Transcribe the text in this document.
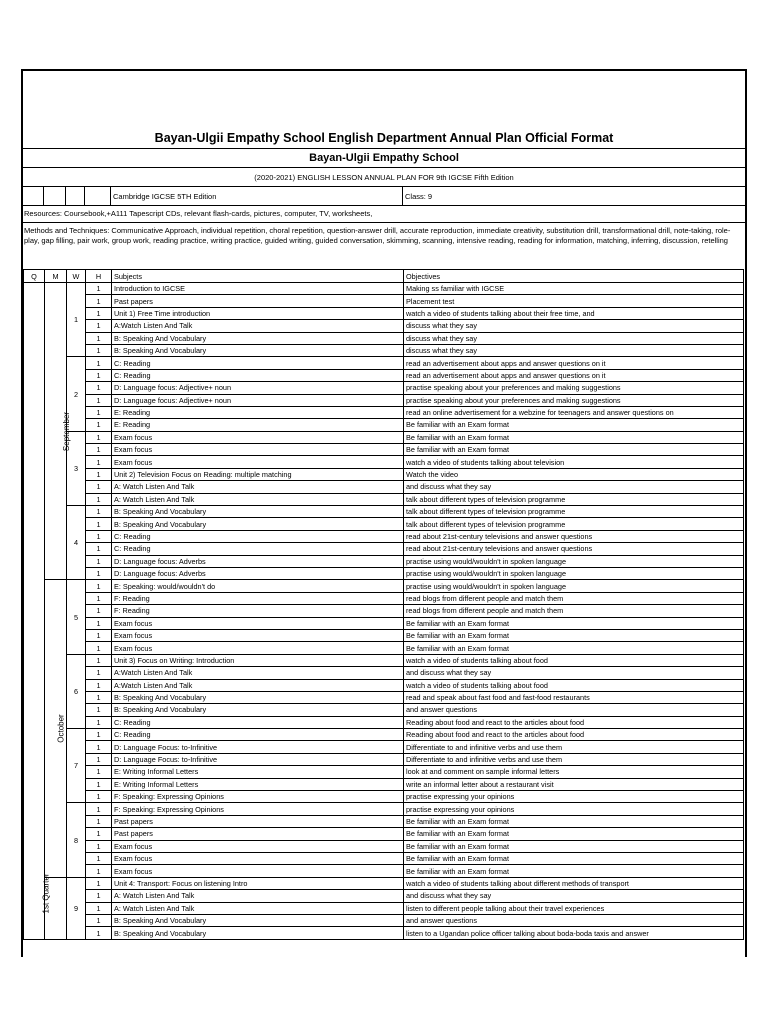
Bayan-Ulgii Empathy School English Department Annual Plan Official Format
Bayan-Ulgii Empathy School
(2020-2021) ENGLISH LESSON ANNUAL PLAN FOR 9th IGCSE Fifth Edition
Cambridge IGCSE 5TH Edition	Class: 9
Resources: Coursebook,+A111 Tapescript CDs, relevant flash-cards, pictures, computer, TV, worksheets,
Methods and Techniques: Communicative Approach, individual repetition, choral repetition, question-answer drill, accurate reproduction, immediate creativity, substitution drill, transformational drill, note-taking, role-play, gap filling, pair work, group work, reading practice, writing practice, guided writing, guided conversation, skimming, scanning, intensive reading, reading for information, matching, inferring, discussion, retelling
Q	M	W	H	Subjects	Objectives
1st Quarter	September	1	1	Introduction to IGCSE	Making ss familiar with IGCSE
			1	Past papers	Placement test
			1	Unit 1) Free Time introduction	watch a video of students talking about their free time, and
			1	A:Watch Listen And Talk	discuss what they say
			1	B: Speaking And Vocabulary	discuss what they say
			1	B: Speaking And Vocabulary	discuss what they say
		2	1	C: Reading	read an advertisement about apps and answer questions on it
			1	C: Reading	read an advertisement about apps and answer questions on it
			1	D: Language focus: Adjective+ noun	practise speaking about your preferences and making suggestions
			1	D: Language focus: Adjective+ noun	practise speaking about your preferences and making suggestions
			1	E: Reading	read an online advertisement for a webzine for teenagers and answer questions on
			1	E: Reading	Be familiar with an Exam format
		3	1	Exam focus	Be familiar with an Exam format
			1	Exam focus	Be familiar with an Exam format
			1	Exam focus	watch a video of students talking about television
			1	Unit 2) Television Focus on Reading: multiple matching	Watch the video
			1	A: Watch Listen And Talk	and discuss what they say
			1	A: Watch Listen And Talk	talk about different types of television programme
		4	1	B: Speaking And Vocabulary	talk about different types of television programme
			1	B: Speaking And Vocabulary	talk about different types of television programme
			1	C: Reading	read about 21st-century televisions and answer questions
			1	C: Reading	read about 21st-century televisions and answer questions
			1	D: Language focus: Adverbs	practise using would/wouldn't in spoken language
			1	D: Language focus: Adverbs	practise using would/wouldn't in spoken language
	October	5	1	E: Speaking: would/wouldn't do	practise using would/wouldn't in spoken language
			1	F: Reading	read blogs from different people and match them
			1	F: Reading	read blogs from different people and match them
			1	Exam focus	Be familiar with an Exam format
			1	Exam focus	Be familiar with an Exam format
			1	Exam focus	Be familiar with an Exam format
		6	1	Unit 3) Focus on Writing: Introduction	watch a video of students talking about food
			1	A:Watch Listen And Talk	and discuss what they say
			1	A:Watch Listen And Talk	watch a video of students talking about food
			1	B: Speaking And Vocabulary	read and speak about fast food and fast-food restaurants
			1	B: Speaking And Vocabulary	and answer questions
			1	C: Reading	Reading about food and react to the articles about food
		7	1	C: Reading	Reading about food and react to the articles about food
			1	D: Language Focus: to-Infinitive	Differentiate to and infinitive verbs and use them
			1	D: Language Focus: to-Infinitive	Differentiate to and infinitive verbs and use them
			1	E: Writing Informal Letters	look at and comment on sample informal letters
			1	E: Writing Informal Letters	write an informal letter about a restaurant visit
			1	F: Speaking: Expressing Opinions	practise expressing your opinions
		8	1	F: Speaking: Expressing Opinions	practise expressing your opinions
			1	Past papers	Be familiar with an Exam format
			1	Past papers	Be familiar with an Exam format
			1	Exam focus	Be familiar with an Exam format
			1	Exam focus	Be familiar with an Exam format
			1	Exam focus	Be familiar with an Exam format
		9	1	Unit 4: Transport: Focus on listening Intro	watch a video of students talking about different methods of transport
			1	A: Watch Listen And Talk	and discuss what they say
			1	A: Watch Listen And Talk	listen to different people talking about their travel experiences
			1	B: Speaking And Vocabulary	and answer questions
			1	B: Speaking And Vocabulary	listen to a Ugandan police officer talking about boda-boda taxis and answer
